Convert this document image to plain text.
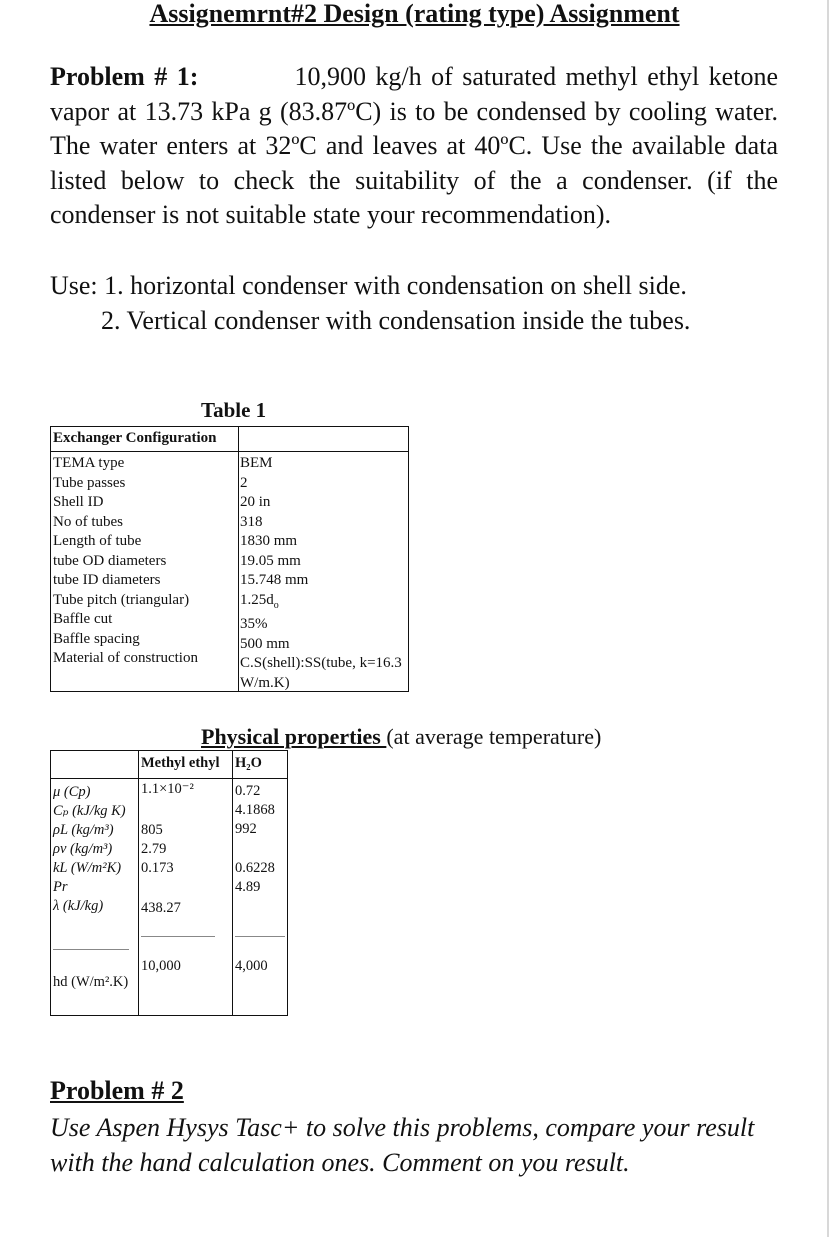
Assignemrnt#2 Design (rating type) Assignment
Problem # 1:	10,900 kg/h of saturated methyl ethyl ketone vapor at 13.73 kPa g (83.87ºC) is to be condensed by cooling water. The water enters at 32ºC and leaves at 40ºC. Use the available data listed below to check the suitability of the a condenser. (if the condenser is not suitable state your recommendation).
Use: 1. horizontal condenser with condensation on shell side.
2. Vertical condenser with condensation inside the tubes.
Table 1
Exchanger Configuration
TEMA type
Tube passes
Shell ID
No of tubes
Length of tube
tube OD diameters
tube ID diameters
Tube pitch (triangular)
Baffle cut
Baffle spacing
Material of construction
BEM
2
20 in
318
1830 mm
19.05 mm
15.748 mm
$1.25d_o$
35%
500 mm
C.S(shell):SS(tube, k=16.3 W/m.K)
Physical properties (at average temperature)
Methyl ethyl H₂O
μ (Cp)
Cₚ (kJ/kg K)
ρL (kg/m³)
ρv (kg/m³)
kL (W/m²K)
Pr
λ (kJ/kg)
1.1×10⁻²
805
2.79
0.173
438.27
0.72
4.1868
992
0.6228
4.89
10,000	4,000
hd (W/m².K)
Problem # 2
Use Aspen Hysys Tasc+ to solve this problems, compare your result with the hand calculation ones. Comment on you result.
